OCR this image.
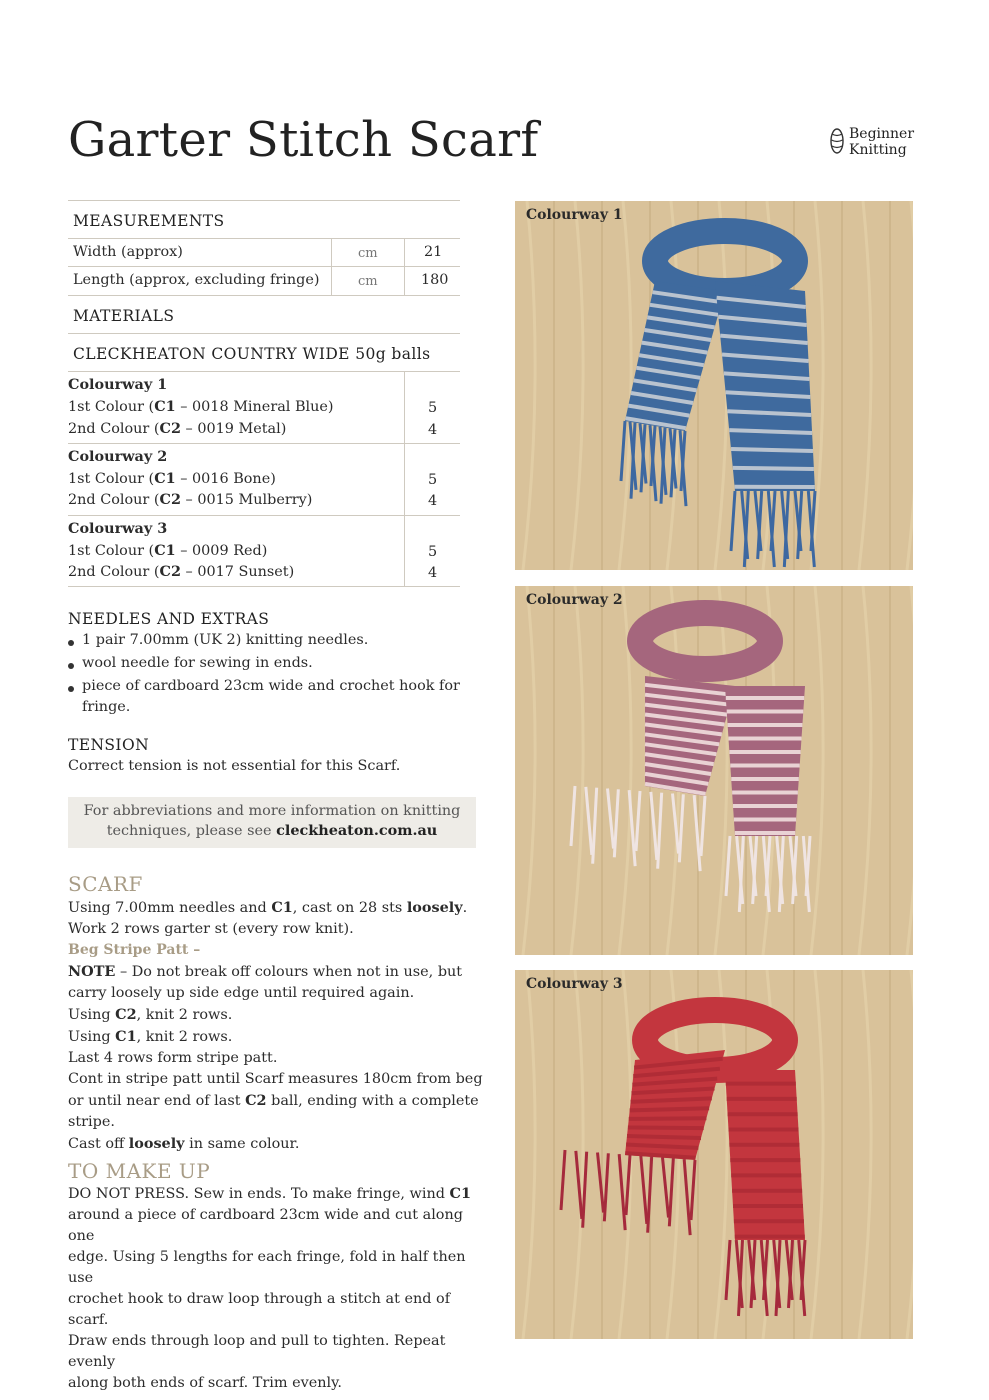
Garter Stitch Scarf	Beginner
Knitting
MEASUREMENTS
Width (approx)	cm	21
Length (approx, excluding fringe)	cm	180
MATERIALS
CLECKHEATON COUNTRY WIDE 50g balls
Colourway 1
1st Colour (C1 – 0018 Mineral Blue)	5
2nd Colour (C2 – 0019 Metal)	4
Colourway 2
1st Colour (C1 – 0016 Bone)	5
2nd Colour (C2 – 0015 Mulberry)	4
Colourway 3
1st Colour (C1 – 0009 Red)	5
2nd Colour (C2 – 0017 Sunset)	4
NEEDLES AND EXTRAS
1 pair 7.00mm (UK 2) knitting needles.
wool needle for sewing in ends.
piece of cardboard 23cm wide and crochet hook for
fringe.
TENSION
Correct tension is not essential for this Scarf.
For abbreviations and more information on knitting
techniques, please see cleckheaton.com.au
SCARF

Using 7.00mm needles and C1, cast on 28 sts loosely.

Work 2 rows garter st (every row knit).

Beg Stripe Patt –

NOTE – Do not break off colours when not in use, but

carry loosely up side edge until required again.

Using C2, knit 2 rows.

Using C1, knit 2 rows.

Last 4 rows form stripe patt.

Cont in stripe patt until Scarf measures 180cm from beg

or until near end of last C2 ball, ending with a complete

stripe.

Cast off loosely in same colour.

TO MAKE UP

DO NOT PRESS. Sew in ends. To make fringe, wind C1

around a piece of cardboard 23cm wide and cut along one

edge. Using 5 lengths for each fringe, fold in half then use

crochet hook to draw loop through a stitch at end of scarf.

Draw ends through loop and pull to tighten. Repeat evenly

along both ends of scarf. Trim evenly.

Colourway 1
Colourway 2
Colourway 3
